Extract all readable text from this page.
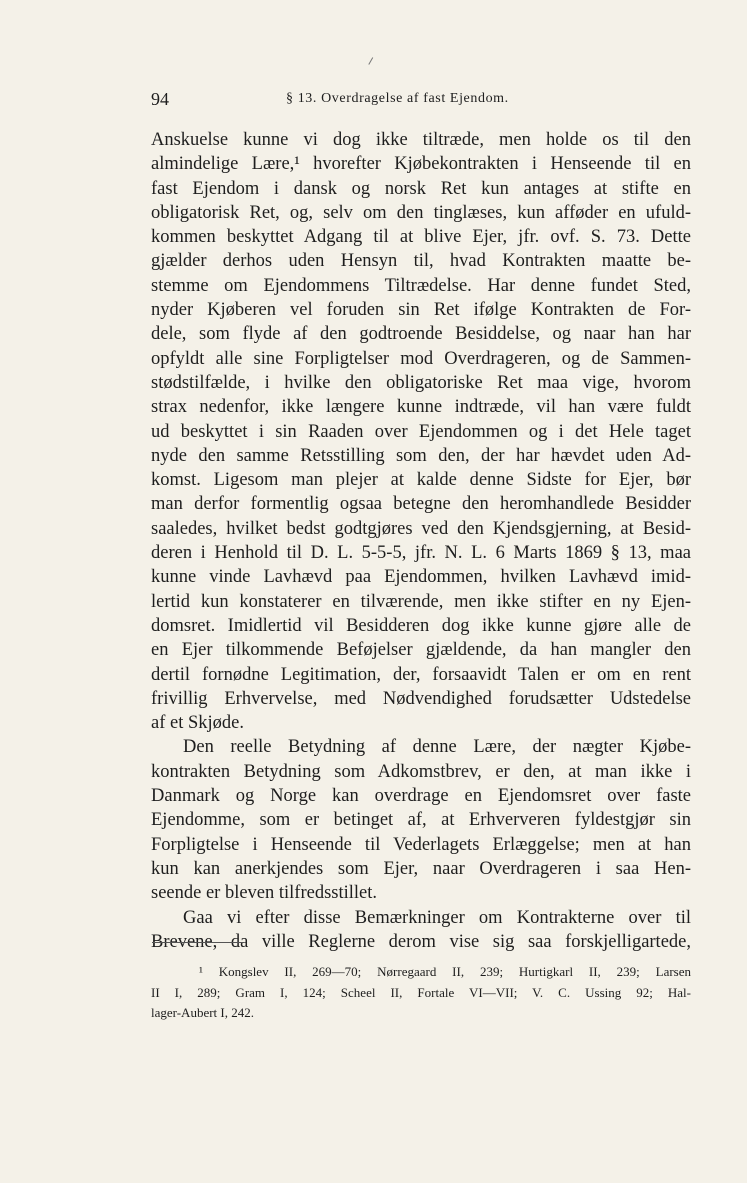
94	§ 13. Overdragelse af fast Ejendom.
Anskuelse kunne vi dog ikke tiltræde, men holde os til den
almindelige Lære,¹ hvorefter Kjøbekontrakten i Henseende til en
fast Ejendom i dansk og norsk Ret kun antages at stifte en
obligatorisk Ret, og, selv om den tinglæses, kun afføder en ufuld-
kommen beskyttet Adgang til at blive Ejer, jfr. ovf. S. 73. Dette
gjælder derhos uden Hensyn til, hvad Kontrakten maatte be-
stemme om Ejendommens Tiltrædelse. Har denne fundet Sted,
nyder Kjøberen vel foruden sin Ret ifølge Kontrakten de For-
dele, som flyde af den godtroende Besiddelse, og naar han har
opfyldt alle sine Forpligtelser mod Overdrageren, og de Sammen-
stødstilfælde, i hvilke den obligatoriske Ret maa vige, hvorom
strax nedenfor, ikke længere kunne indtræde, vil han være fuldt
ud beskyttet i sin Raaden over Ejendommen og i det Hele taget
nyde den samme Retsstilling som den, der har hævdet uden Ad-
komst. Ligesom man plejer at kalde denne Sidste for Ejer, bør
man derfor formentlig ogsaa betegne den heromhandlede Besidder
saaledes, hvilket bedst godtgjøres ved den Kjendsgjerning, at Besid-
deren i Henhold til D. L. 5-5-5, jfr. N. L. 6 Marts 1869 § 13, maa
kunne vinde Lavhævd paa Ejendommen, hvilken Lavhævd imid-
lertid kun konstaterer en tilværende, men ikke stifter en ny Ejen-
domsret. Imidlertid vil Besidderen dog ikke kunne gjøre alle de
en Ejer tilkommende Beføjelser gjældende, da han mangler den
dertil fornødne Legitimation, der, forsaavidt Talen er om en rent
frivillig Erhvervelse, med Nødvendighed forudsætter Udstedelse
af et Skjøde.
Den reelle Betydning af denne Lære, der nægter Kjøbe-
kontrakten Betydning som Adkomstbrev, er den, at man ikke i
Danmark og Norge kan overdrage en Ejendomsret over faste
Ejendomme, som er betinget af, at Erhververen fyldestgjør sin
Forpligtelse i Henseende til Vederlagets Erlæggelse; men at han
kun kan anerkjendes som Ejer, naar Overdrageren i saa Hen-
seende er bleven tilfredsstillet.
Gaa vi efter disse Bemærkninger om Kontrakterne over til
Brevene, da ville Reglerne derom vise sig saa forskjelligartede,
¹ Kongslev II, 269—70; Nørregaard II, 239; Hurtigkarl II, 239; Larsen
II I, 289; Gram I, 124; Scheel II, Fortale VI—VII; V. C. Ussing 92; Hal-
lager-Aubert I, 242.
